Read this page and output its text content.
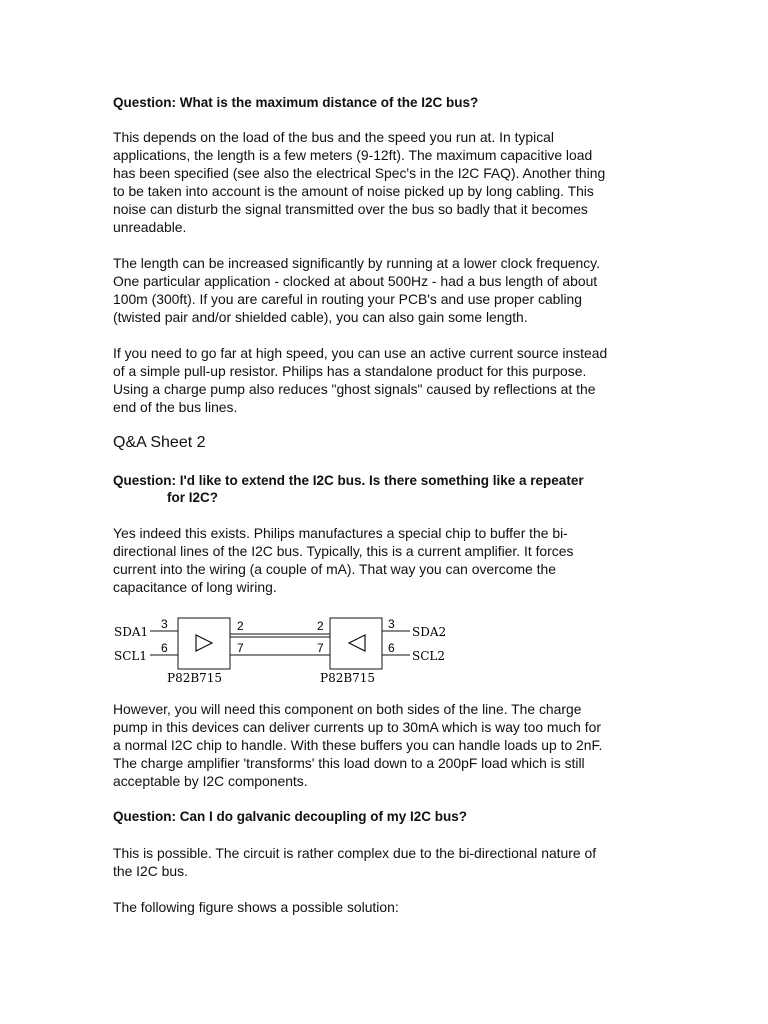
Question: What is the maximum distance of the I2C bus?
This depends on the load of the bus and the speed you run at. In typical
applications, the length is a few meters (9-12ft). The maximum capacitive load
has been specified (see also the electrical Spec's in the I2C FAQ). Another thing
to be taken into account is the amount of noise picked up by long cabling. This
noise can disturb the signal transmitted over the bus so badly that it becomes
unreadable.
The length can be increased significantly by running at a lower clock frequency.
One particular application - clocked at about 500Hz - had a bus length of about
100m (300ft). If you are careful in routing your PCB's and use proper cabling
(twisted pair and/or shielded cable), you can also gain some length.
If you need to go far at high speed, you can use an active current source instead
of a simple pull-up resistor. Philips has a standalone product for this purpose.
Using a charge pump also reduces "ghost signals" caused by reflections at the
end of the bus lines.
Q&A Sheet 2
Question: I'd like to extend the I2C bus. Is there something like a repeater
for I2C?
Yes indeed this exists. Philips manufactures a special chip to buffer the bi-
directional lines of the I2C bus. Typically, this is a current amplifier. It forces
current into the wiring (a couple of mA). That way you can overcome the
capacitance of long wiring.
SDA1
SCL1
SDA2
SCL2
3
6
2
7
2
7
3
6
P82B715	P82B715
However, you will need this component on both sides of the line. The charge
pump in this devices can deliver currents up to 30mA which is way too much for
a normal I2C chip to handle. With these buffers you can handle loads up to 2nF.
The charge amplifier 'transforms' this load down to a 200pF load which is still
acceptable by I2C components.
Question: Can I do galvanic decoupling of my I2C bus?
This is possible. The circuit is rather complex due to the bi-directional nature of
the I2C bus.
The following figure shows a possible solution:
